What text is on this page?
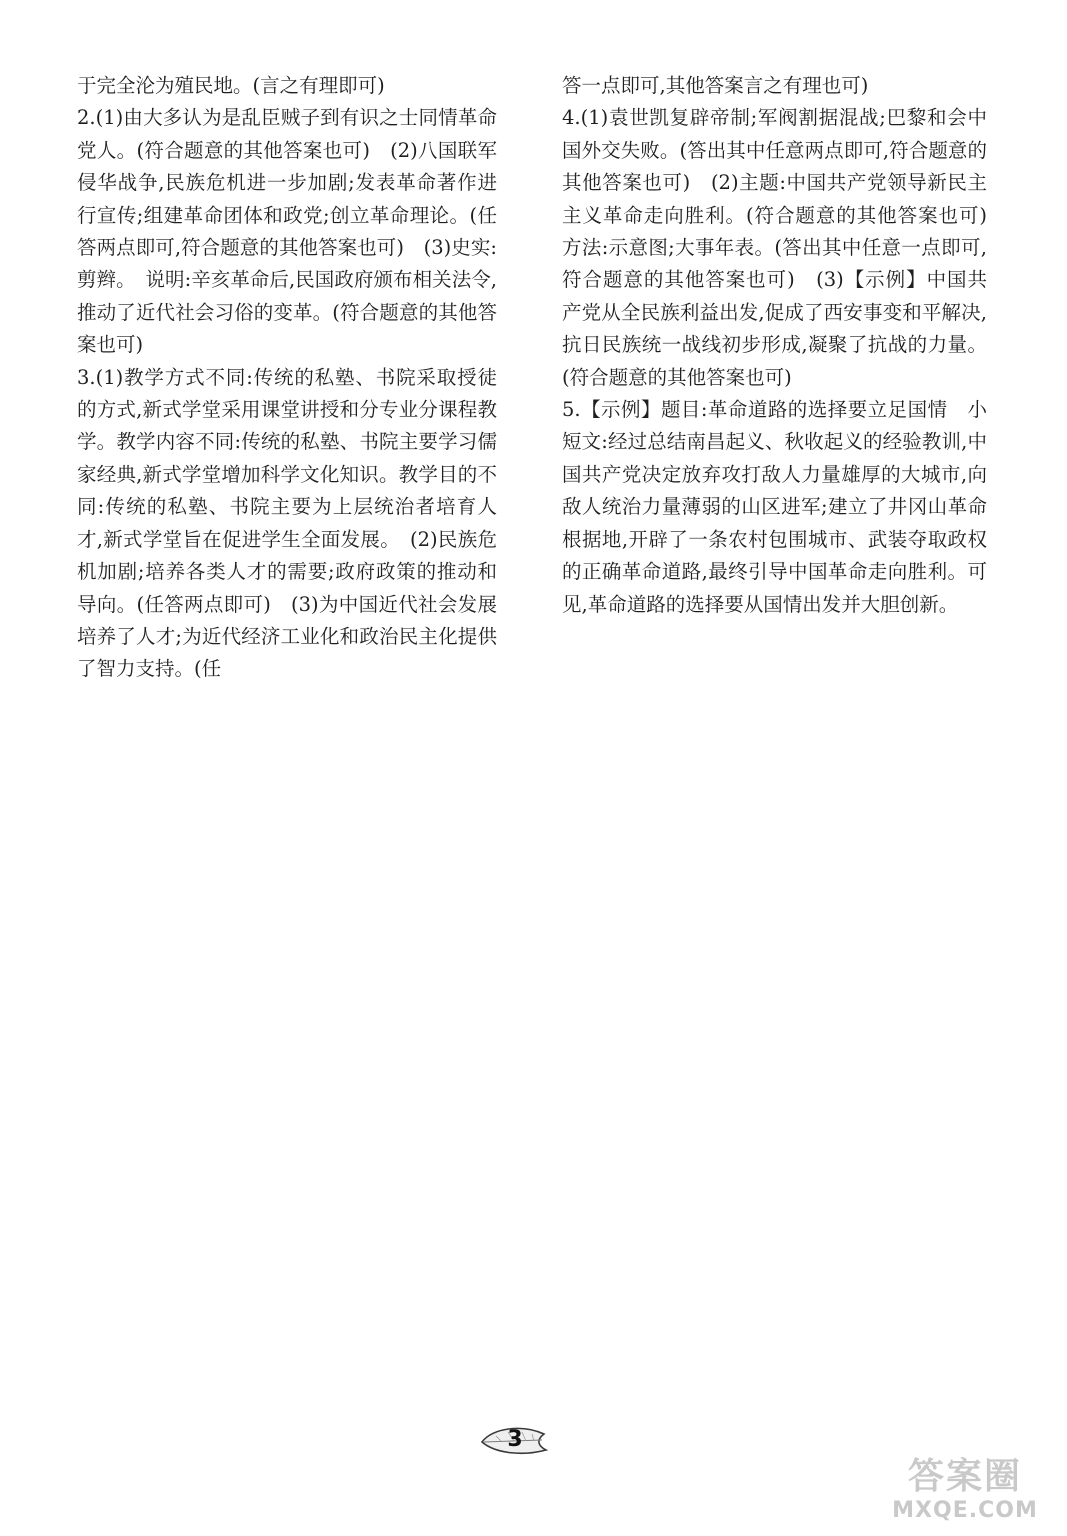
于完全沦为殖民地。(言之有理即可)

2.(1)由大多认为是乱臣贼子到有识之士同情革命党人。(符合题意的其他答案也可)　(2)八国联军侵华战争,民族危机进一步加剧;发表革命著作进行宣传;组建革命团体和政党;创立革命理论。(任答两点即可,符合题意的其他答案也可)　(3)史实:剪辫。　说明:辛亥革命后,民国政府颁布相关法令,推动了近代社会习俗的变革。(符合题意的其他答案也可)

3.(1)教学方式不同:传统的私塾、书院采取授徒的方式,新式学堂采用课堂讲授和分专业分课程教学。教学内容不同:传统的私塾、书院主要学习儒家经典,新式学堂增加科学文化知识。教学目的不同:传统的私塾、书院主要为上层统治者培育人才,新式学堂旨在促进学生全面发展。　(2)民族危机加剧;培养各类人才的需要;政府政策的推动和导向。(任答两点即可)　(3)为中国近代社会发展培养了人才;为近代经济工业化和政治民主化提供了智力支持。(任

答一点即可,其他答案言之有理也可)

4.(1)袁世凯复辟帝制;军阀割据混战;巴黎和会中国外交失败。(答出其中任意两点即可,符合题意的其他答案也可)　(2)主题:中国共产党领导新民主主义革命走向胜利。(符合题意的其他答案也可)　方法:示意图;大事年表。(答出其中任意一点即可,符合题意的其他答案也可)　(3)【示例】中国共产党从全民族利益出发,促成了西安事变和平解决,抗日民族统一战线初步形成,凝聚了抗战的力量。(符合题意的其他答案也可)

5.【示例】题目:革命道路的选择要立足国情　小短文:经过总结南昌起义、秋收起义的经验教训,中国共产党决定放弃攻打敌人力量雄厚的大城市,向敌人统治力量薄弱的山区进军;建立了井冈山革命根据地,开辟了一条农村包围城市、武装夺取政权的正确革命道路,最终引导中国革命走向胜利。可见,革命道路的选择要从国情出发并大胆创新。

3
答案圈
MXQE.COM
